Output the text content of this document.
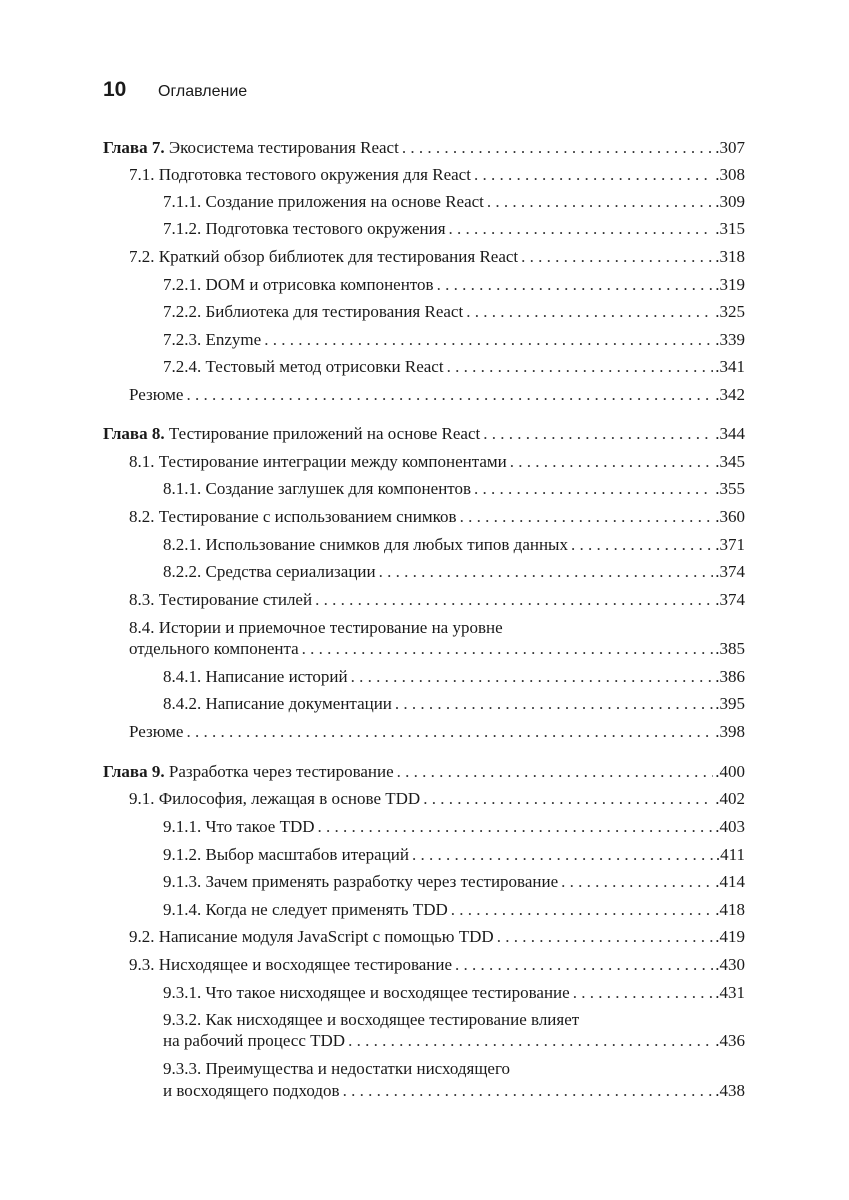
10	Оглавление
Глава 7. Экосистема тестирования React . . .	.307
7.1. Подготовка тестового окружения для React . . .	.308
7.1.1. Создание приложения на основе React . . .	.309
7.1.2. Подготовка тестового окружения . . .	.315
7.2. Краткий обзор библиотек для тестирования React . . .	.318
7.2.1. DOM и отрисовка компонентов . . .	.319
7.2.2. Библиотека для тестирования React . . .	.325
7.2.3. Enzyme . . .	.339
7.2.4. Тестовый метод отрисовки React . . .	.341
Резюме . . .	.342
Глава 8. Тестирование приложений на основе React . . .	.344
8.1. Тестирование интеграции между компонентами . . .	.345
8.1.1. Создание заглушек для компонентов . . .	.355
8.2. Тестирование с использованием снимков . . .	.360
8.2.1. Использование снимков для любых типов данных . . .	.371
8.2.2. Средства сериализации . . .	.374
8.3. Тестирование стилей . . .	.374
8.4. Истории и приемочное тестирование на уровне
отдельного компонента . . .	.385
8.4.1. Написание историй . . .	.386
8.4.2. Написание документации . . .	.395
Резюме . . .	.398
Глава 9. Разработка через тестирование . . .	.400
9.1. Философия, лежащая в основе TDD . . .	.402
9.1.1. Что такое TDD . . .	.403
9.1.2. Выбор масштабов итераций . . .	.411
9.1.3. Зачем применять разработку через тестирование . . .	.414
9.1.4. Когда не следует применять TDD . . .	.418
9.2. Написание модуля JavaScript с помощью TDD . . .	.419
9.3. Нисходящее и восходящее тестирование . . .	.430
9.3.1. Что такое нисходящее и восходящее тестирование . . .	.431
9.3.2. Как нисходящее и восходящее тестирование влияет
на рабочий процесс TDD . . .	.436
9.3.3. Преимущества и недостатки нисходящего
и восходящего подходов . . .	.438
